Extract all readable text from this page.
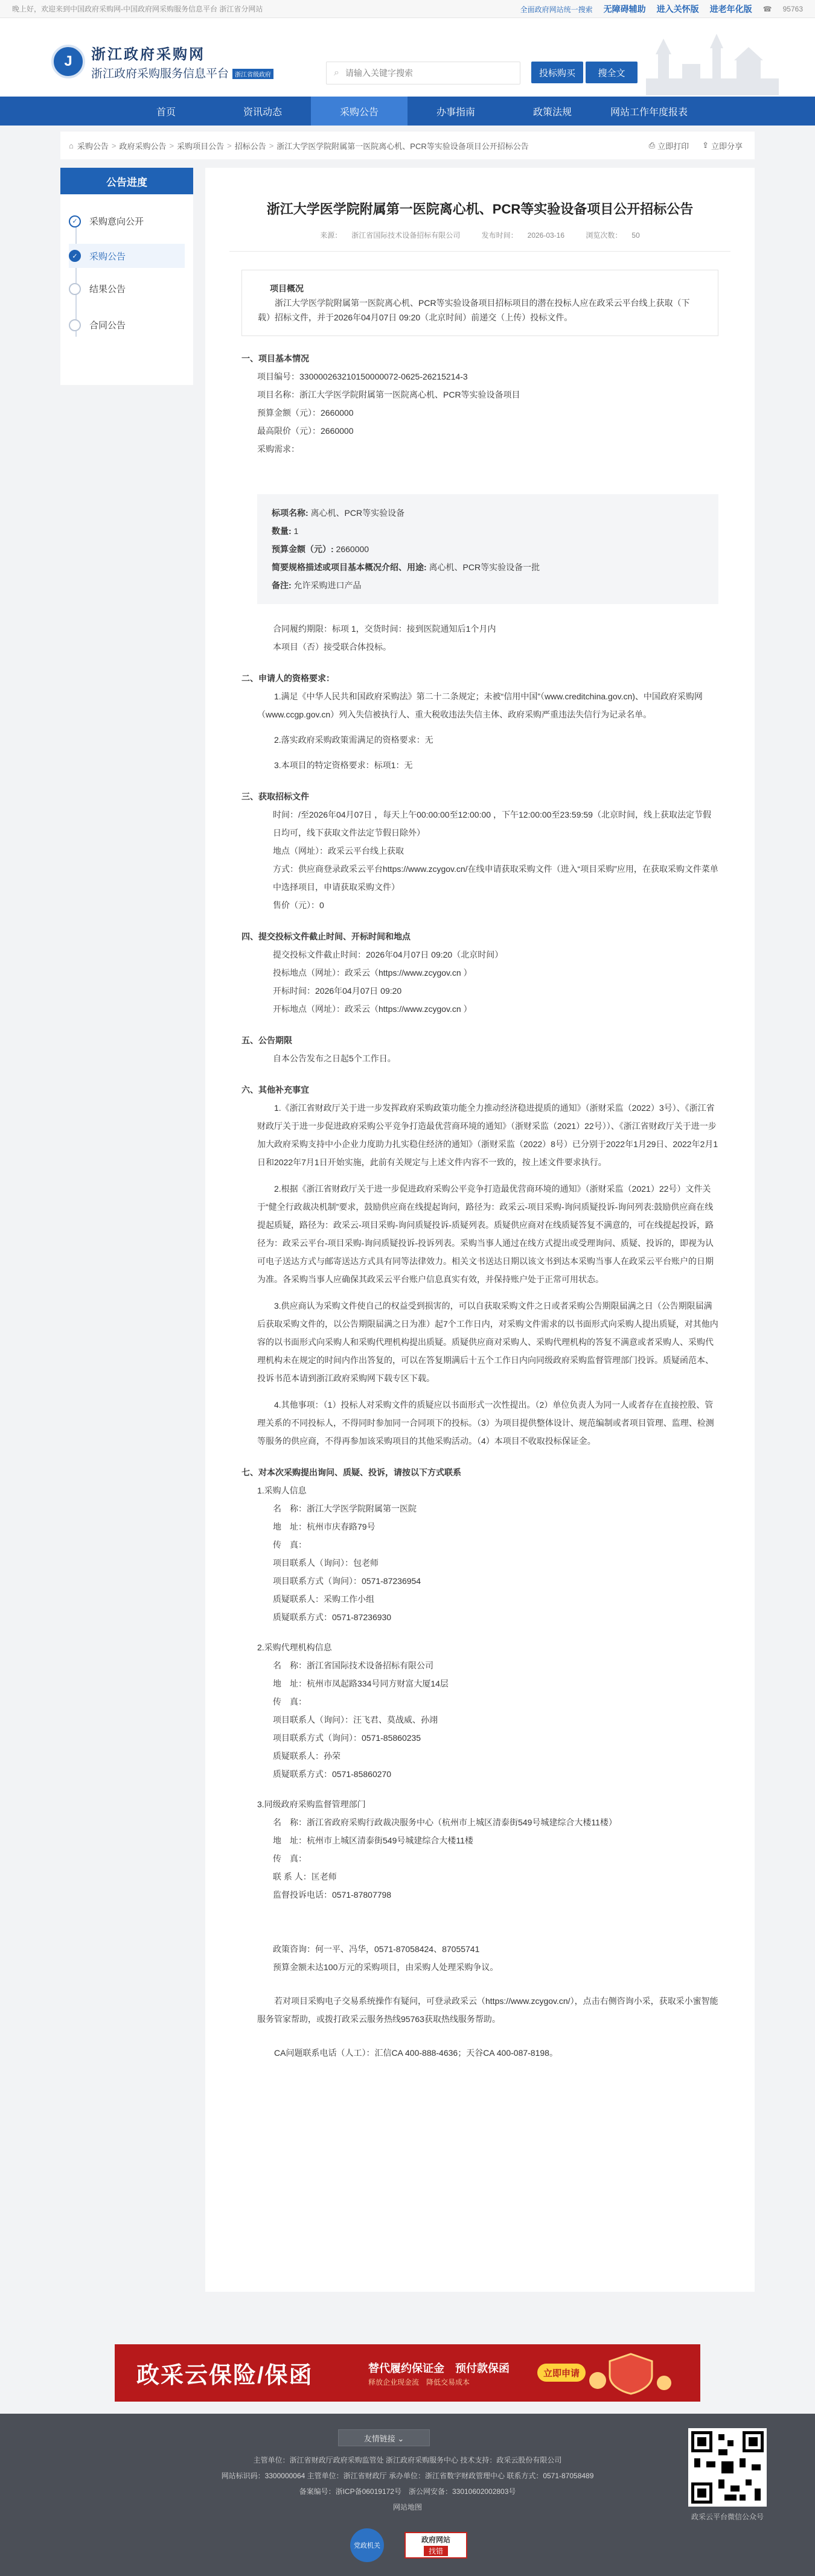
晚上好，欢迎来到中国政府采购网-中国政府网采购服务信息平台 浙江省分网站	全面政府网站统一搜索 无障碍辅助 进入关怀版 进老年化版 ☎ 95763
J	浙江政府采购网
浙江政府采购服务信息平台 浙江省级政府	⌕
请输入关键字搜索	投标购买	搜全文
首页	资讯动态	采购公告	办事指南	政策法规	网站工作年度报表
⌂ 采购公告 > 政府采购公告 > 采购项目公告 > 招标公告 > 浙江大学医学院附属第一医院离心机、PCR等实验设备项目公开招标公告	⎙ 立即打印 ⇪ 立即分享
公告进度
✓	采购意向公开
✓	采购公告
结果公告
合同公告
浙江大学医学院附属第一医院离心机、PCR等实验设备项目公开招标公告
来源： 浙江省国际技术设备招标有限公司	发布时间： 2026-03-16	浏览次数： 50
项目概况
浙江大学医学院附属第一医院离心机、PCR等实验设备项目招标项目的潜在投标人应在政采云平台线上获取（下载）招标文件，并于2026年04月07日 09:20（北京时间）前递交（上传）投标文件。
一、项目基本情况
项目编号：330000263210150000072-0625-26215214-3
项目名称：浙江大学医学院附属第一医院离心机、PCR等实验设备项目
预算金额（元）：2660000
最高限价（元）：2660000
采购需求：
标项名称: 离心机、PCR等实验设备
数量: 1
预算金额（元）: 2660000
简要规格描述或项目基本概况介绍、用途: 离心机、PCR等实验设备一批
备注: 允许采购进口产品
合同履约期限：标项 1，交货时间：接到医院通知后1个月内
本项目（否）接受联合体投标。
二、申请人的资格要求：
1.满足《中华人民共和国政府采购法》第二十二条规定；未被“信用中国”（www.creditchina.gov.cn)、中国政府采购网（www.ccgp.gov.cn）列入失信被执行人、重大税收违法失信主体、政府采购严重违法失信行为记录名单。
2.落实政府采购政策需满足的资格要求：无
3.本项目的特定资格要求：标项1：无
三、获取招标文件
时间：/至2026年04月07日 ，每天上午00:00:00至12:00:00 ，下午12:00:00至23:59:59（北京时间，线上获取法定节假日均可，线下获取文件法定节假日除外）
地点（网址）：政采云平台线上获取
方式：供应商登录政采云平台https://www.zcygov.cn/在线申请获取采购文件（进入“项目采购”应用，在获取采购文件菜单中选择项目，申请获取采购文件）
售价（元）：0
四、提交投标文件截止时间、开标时间和地点
提交投标文件截止时间：2026年04月07日 09:20（北京时间）
投标地点（网址）：政采云（https://www.zcygov.cn ）
开标时间：2026年04月07日 09:20
开标地点（网址）：政采云（https://www.zcygov.cn ）
五、公告期限
自本公告发布之日起5个工作日。
六、其他补充事宜
1.《浙江省财政厅关于进一步发挥政府采购政策功能全力推动经济稳进提质的通知》（浙财采监（2022）3号）、《浙江省财政厅关于进一步促进政府采购公平竞争打造最优营商环境的通知》（浙财采监（2021）22号））、《浙江省财政厅关于进一步加大政府采购支持中小企业力度助力扎实稳住经济的通知》（浙财采监（2022）8号）已分别于2022年1月29日、2022年2月1日和2022年7月1日开始实施，此前有关规定与上述文件内容不一致的，按上述文件要求执行。
2.根据《浙江省财政厅关于进一步促进政府采购公平竞争打造最优营商环境的通知》（浙财采监（2021）22号）文件关于“健全行政裁决机制”要求，鼓励供应商在线提起询问，路径为：政采云-项目采购-询问质疑投诉-询问列表:鼓励供应商在线提起质疑，路径为：政采云-项目采购-询问质疑投诉-质疑列表。质疑供应商对在线质疑答复不满意的，可在线提起投诉，路径为：政采云平台-项目采购-询问质疑投诉-投诉列表。采购当事人通过在线方式提出或受理询问、质疑、投诉的，即视为认可电子送达方式与邮寄送达方式具有同等法律效力。相关文书送达日期以该文书到达本采购当事人在政采云平台账户的日期为准。各采购当事人应确保其政采云平台账户信息真实有效，并保持账户处于正常可用状态。
3.供应商认为采购文件使自己的权益受到损害的，可以自获取采购文件之日或者采购公告期限届满之日（公告期限届满后获取采购文件的，以公告期限届满之日为准）起7个工作日内，对采购文件需求的以书面形式向采购人提出质疑，对其他内容的以书面形式向采购人和采购代理机构提出质疑。质疑供应商对采购人、采购代理机构的答复不满意或者采购人、采购代理机构未在规定的时间内作出答复的，可以在答复期满后十五个工作日内向同级政府采购监督管理部门投诉。质疑函范本、投诉书范本请到浙江政府采购网下载专区下载。
4.其他事项：（1）投标人对采购文件的质疑应以书面形式一次性提出。（2）单位负责人为同一人或者存在直接控股、管理关系的不同投标人，不得同时参加同一合同项下的投标。（3）为项目提供整体设计、规范编制或者项目管理、监理、检测等服务的供应商，不得再参加该采购项目的其他采购活动。（4）本项目不收取投标保证金。
七、对本次采购提出询问、质疑、投诉，请按以下方式联系
1.采购人信息
名　称：浙江大学医学院附属第一医院
地　址：杭州市庆春路79号
传　真：
项目联系人（询问）：包老师
项目联系方式（询问）：0571-87236954
质疑联系人：采购工作小组
质疑联系方式：0571-87236930
2.采购代理机构信息
名　称：浙江省国际技术设备招标有限公司
地　址：杭州市凤起路334号同方财富大厦14层
传　真：
项目联系人（询问）：汪飞君、莫战威、孙翊
项目联系方式（询问）：0571-85860235
质疑联系人：孙荣
质疑联系方式：0571-85860270
3.同级政府采购监督管理部门
名　称：浙江省政府采购行政裁决服务中心（杭州市上城区清泰街549号城建综合大楼11楼）
地　址：杭州市上城区清泰街549号城建综合大楼11楼
传　真：
联 系 人：匡老师
监督投诉电话：0571-87807798
政策咨询：何一平、冯华，0571-87058424、87055741
预算金额未达100万元的采购项目，由采购人处理采购争议。
若对项目采购电子交易系统操作有疑问，可登录政采云（https://www.zcygov.cn/），点击右侧咨询小采，获取采小蜜智能服务管家帮助，或拨打政采云服务热线95763获取热线服务帮助。
CA问题联系电话（人工）：汇信CA 400-888-4636；天谷CA 400-087-8198。
政采云保险/保函	替代履约保证金　预付款保函
释放企业现金流　降低交易成本
立即申请
友情链接 ⌄
主管单位：浙江省财政厅政府采购监管处 浙江政府采购服务中心 技术支持：政采云股份有限公司
网站标识码：3300000064 主管单位：浙江省财政厅 承办单位：浙江省数字财政管理中心 联系方式：0571-87058489
备案编号：浙ICP备06019172号　浙公网安备：33010602002803号
网站地图
政采云平台微信公众号
党政机关
政府网站
找错
